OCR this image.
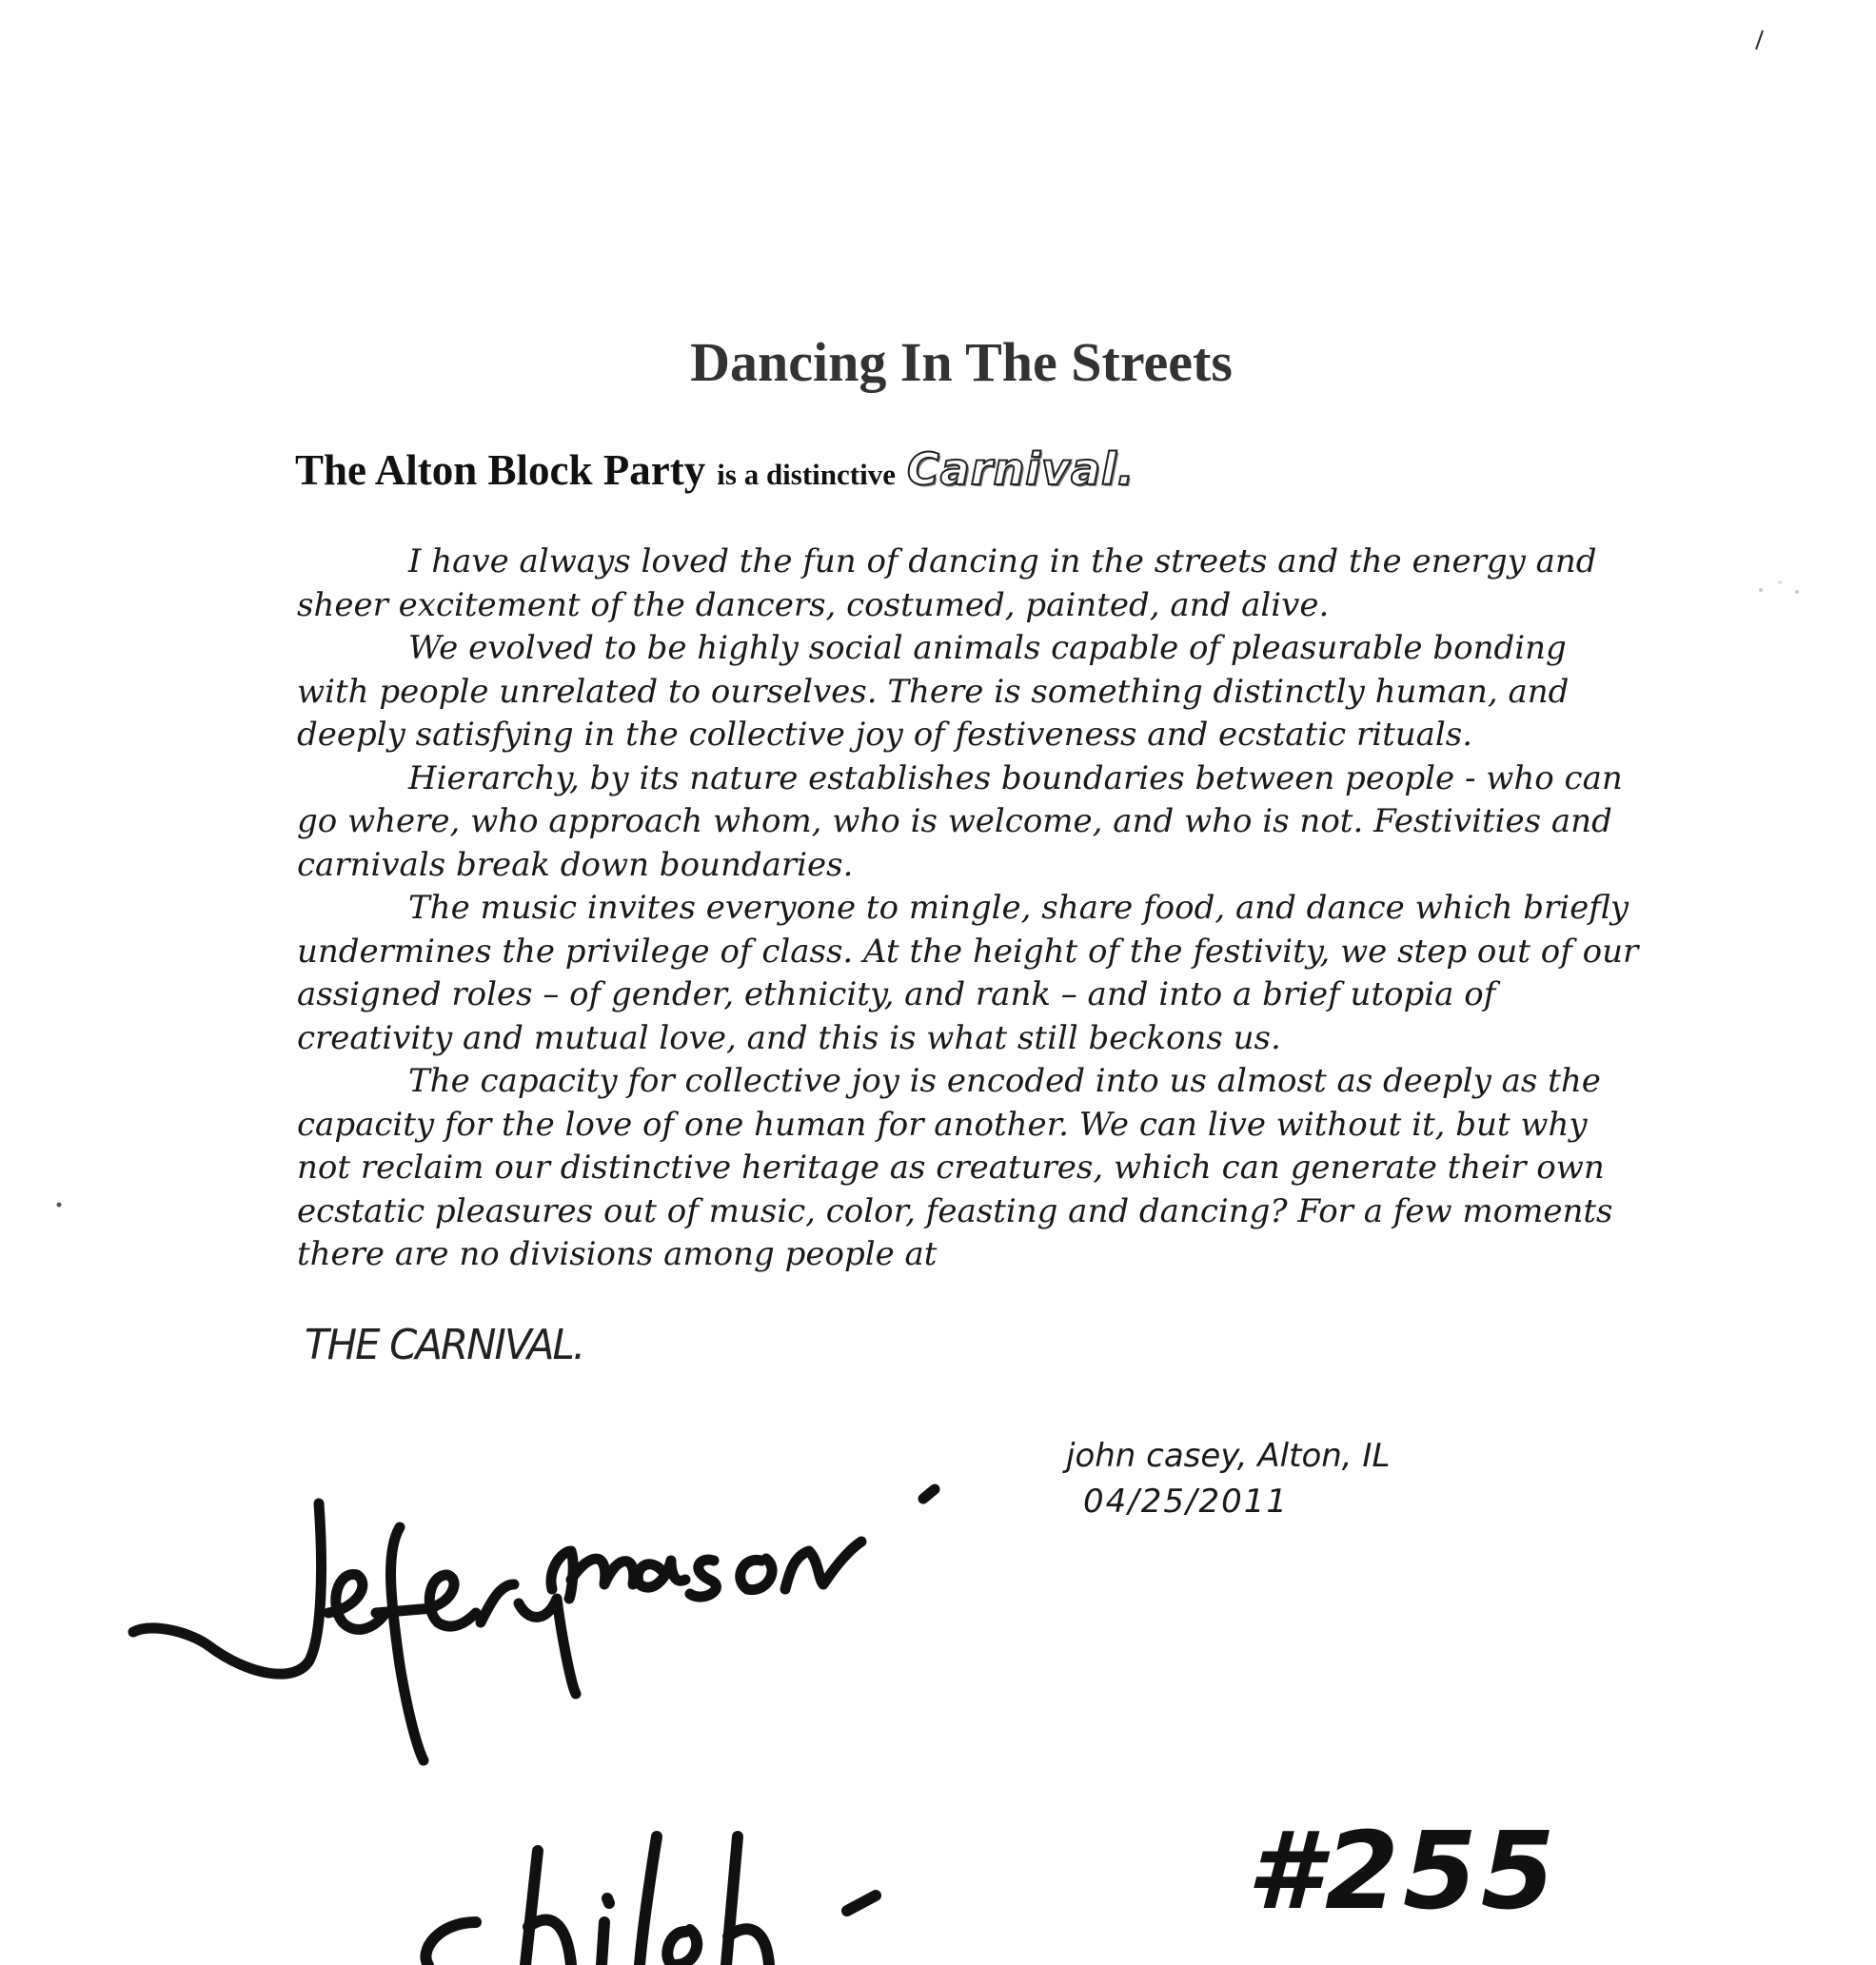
Dancing In The Streets
The Alton Block Party is a distinctive Carnival.

I have always loved the fun of dancing in the streets and the energy and sheer excitement of the dancers, costumed, painted, and alive.

We evolved to be highly social animals capable of pleasurable bonding with people unrelated to ourselves. There is something distinctly human, and deeply satisfying in the collective joy of festiveness and ecstatic rituals.

Hierarchy, by its nature establishes boundaries between people - who can go where, who approach whom, who is welcome, and who is not. Festivities and carnivals break down boundaries.

The music invites everyone to mingle, share food, and dance which briefly undermines the privilege of class. At the height of the festivity, we step out of our assigned roles – of gender, ethnicity, and rank – and into a brief utopia of creativity and mutual love, and this is what still beckons us.

The capacity for collective joy is encoded into us almost as deeply as the capacity for the love of one human for another. We can live without it, but why not reclaim our distinctive heritage as creatures, which can generate their own ecstatic pleasures out of music, color, feasting and dancing? For a few moments there are no divisions among people at

THE CARNIVAL.
john casey, Alton, IL
04/25/2011
#255
